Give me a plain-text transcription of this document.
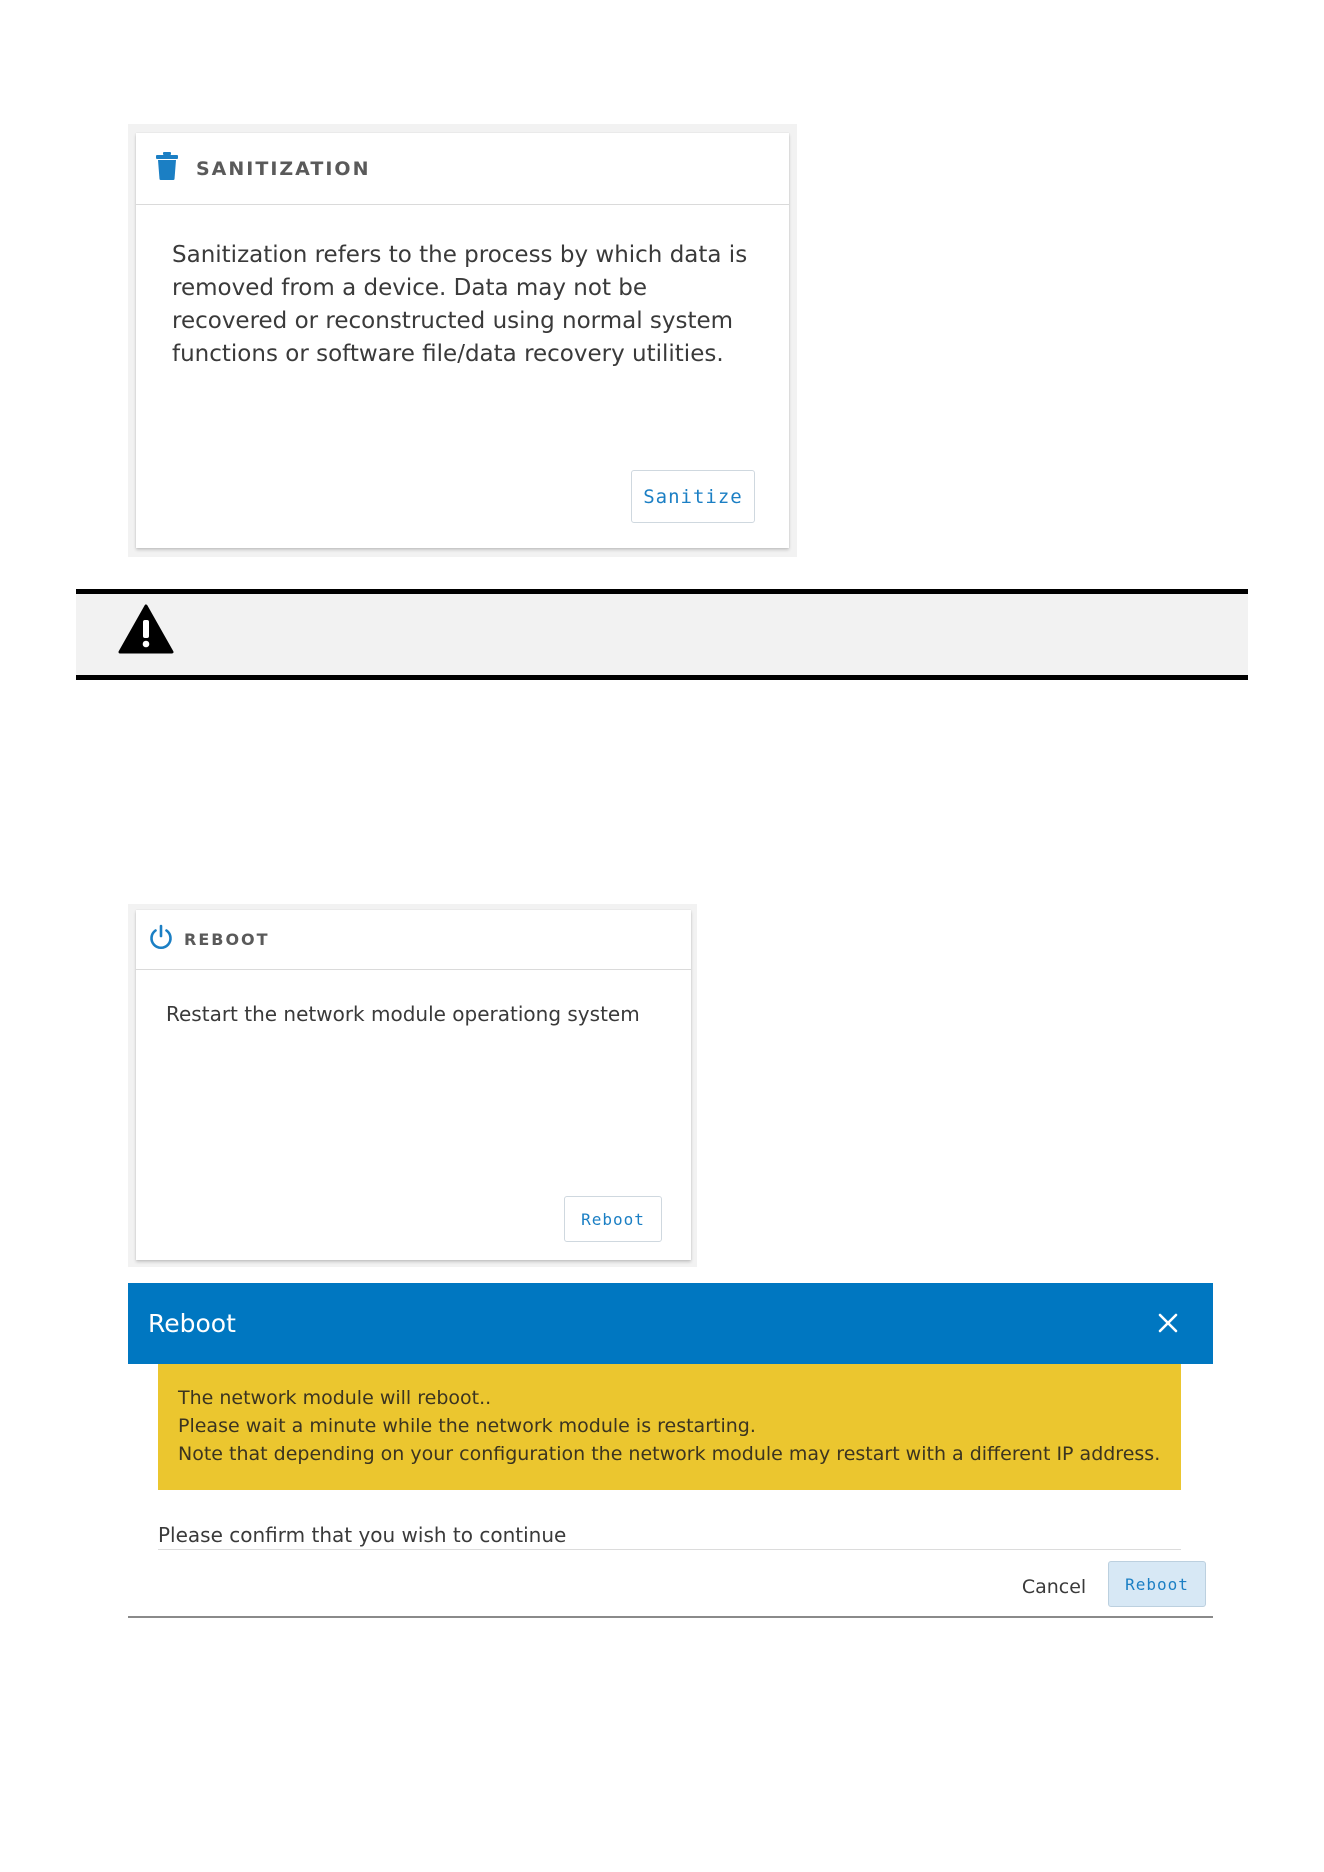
SANITIZATION
Sanitization refers to the process by which data is removed from a device. Data may not be recovered or reconstructed using normal system functions or software file/data recovery utilities.
Sanitize
REBOOT
Restart the network module operationg system
Reboot
Reboot
The network module will reboot..
Please wait a minute while the network module is restarting.
Note that depending on your configuration the network module may restart with a different IP address.
Please confirm that you wish to continue
Cancel	Reboot
